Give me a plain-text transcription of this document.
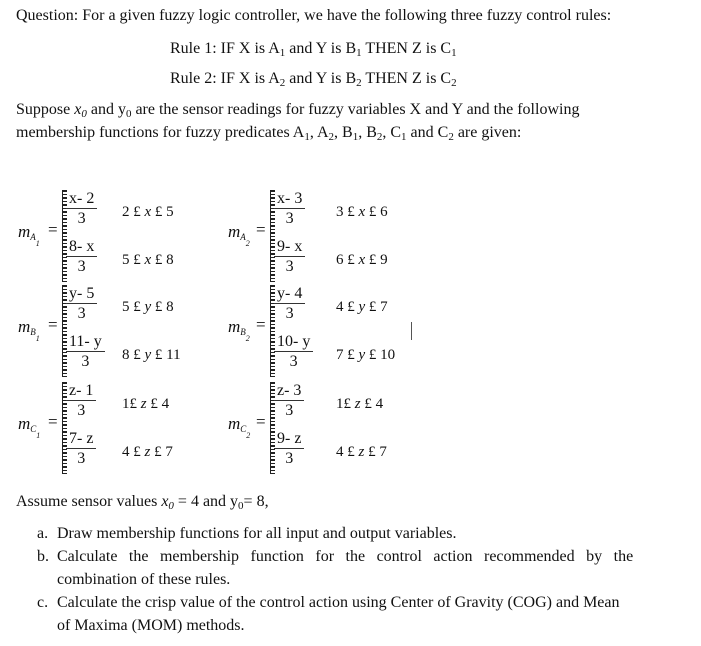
Question: For a given fuzzy logic controller, we have the following three fuzzy control rules:
Rule 1: IF X is $A_1$ and Y is $B_1$ THEN Z is $C_1$
Rule 2: IF X is $A_2$ and Y is $B_2$ THEN Z is $C_2$
Suppose $x_0$ and $y_0$ are the sensor readings for fuzzy variables X and Y and the following
membership functions for fuzzy predicates $A_1$, $A_2$, $B_1$, $B_2$, $C_1$ and $C_2$ are given:
$m_{A1}$
=
$\frac{x- 2}{3} 2$ £ x £ 5
$\frac{8- x}{3} 5$ £ x £ 8
$m_{A2}$
=
$\frac{x- 3}{3} 3$ £ x £ 6
$\frac{9- x}{3} 6$ £ x £ 9
$m_{B1}$
=
$\frac{y- 5}{3} 5$ £ y £ 8
$\frac{11- y}{3} 8$ £ y £ 11
$m_{B2}$
=
$\frac{y- 4}{3} 4$ £ y £ 7
$\frac{10- y}{3} 7$ £ y £ 10
$m_{C1}$
=
$\frac{z- 1}{3}$ 1£ z £ 4
$\frac{7- z}{3} 4$ £ z £ 7
$m_{C2}$
=
$\frac{z- 3}{3}$ 1£ z £ 4
$\frac{9- z}{3} 4$ £ z £ 7
Assume sensor values $x_0 = 4$ and $y_0= 8$,
a. Draw membership functions for all input and output variables.
b. Calculate the membership function for the control action recommended by the
combination of these rules.
c. Calculate the crisp value of the control action using Center of Gravity (COG) and Mean
of Maxima (MOM) methods.
